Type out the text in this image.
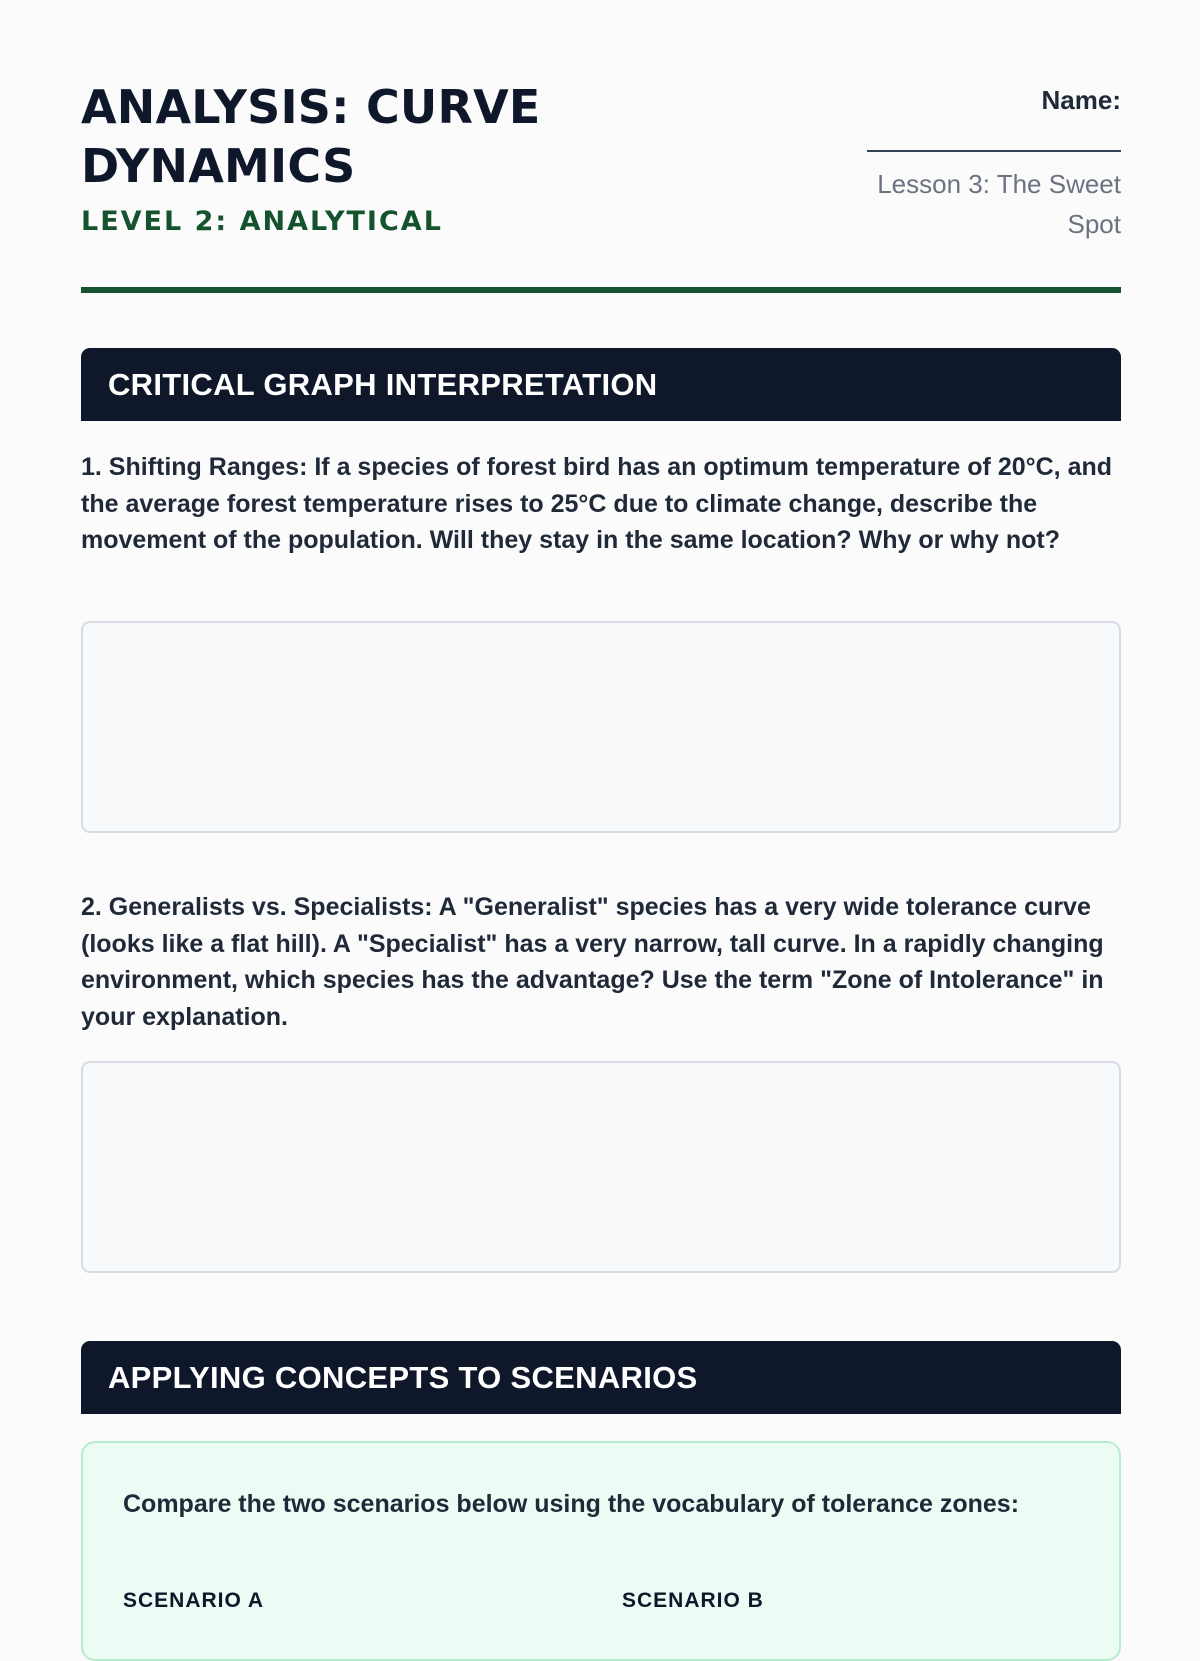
ANALYSIS: CURVE DYNAMICS
LEVEL 2: ANALYTICAL
Name:
Lesson 3: The Sweet Spot
CRITICAL GRAPH INTERPRETATION

1. Shifting Ranges: If a species of forest bird has an optimum temperature of 20°C, and the average forest temperature rises to 25°C due to climate change, describe the movement of the population. Will they stay in the same location? Why or why not?

2. Generalists vs. Specialists: A "Generalist" species has a very wide tolerance curve (looks like a flat hill). A "Specialist" has a very narrow, tall curve. In a rapidly changing environment, which species has the advantage? Use the term "Zone of Intolerance" in your explanation.

APPLYING CONCEPTS TO SCENARIOS

Compare the two scenarios below using the vocabulary of tolerance zones:

SCENARIO A	SCENARIO B
